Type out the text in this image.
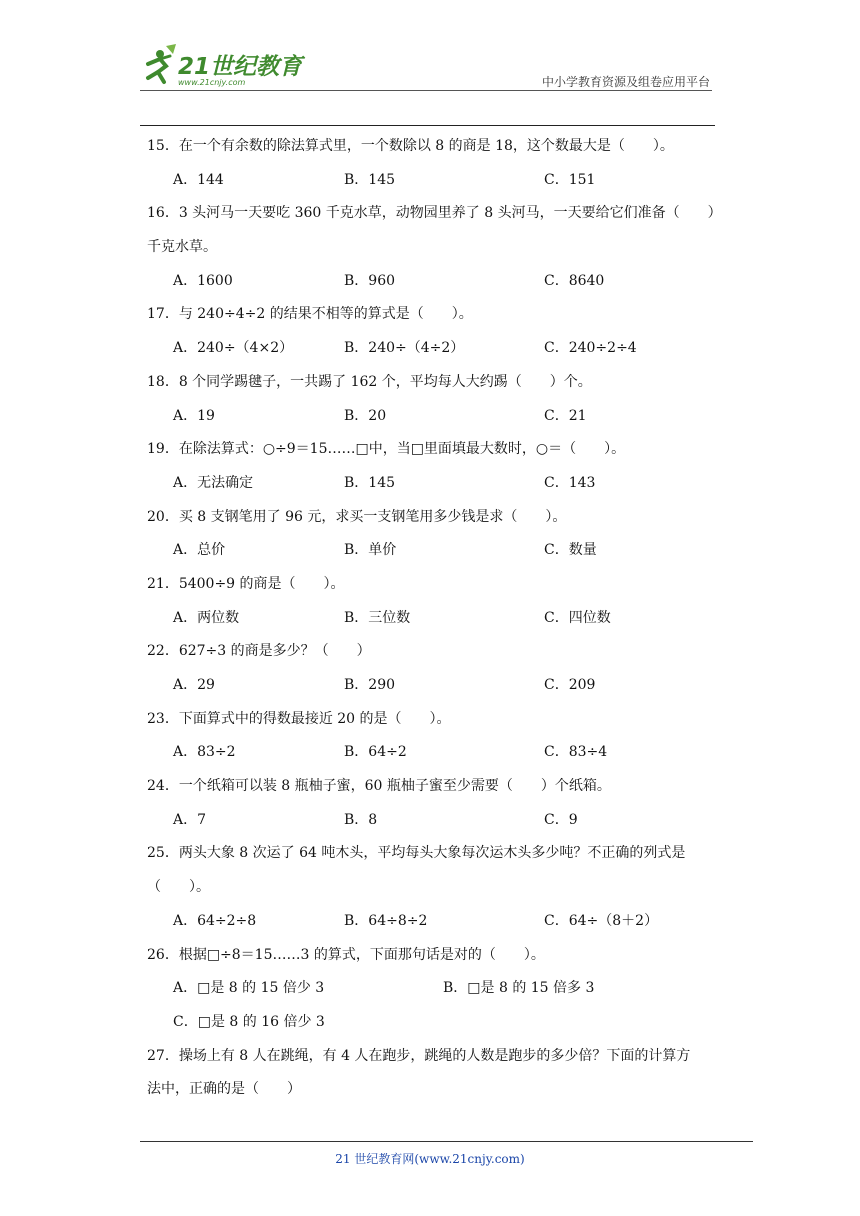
21世纪教育
www.21cnjy.com	中小学教育资源及组卷应用平台
15．在一个有余数的除法算式里，一个数除以 8 的商是 18，这个数最大是（　　）。
A．144	B．145	C．151
16．3 头河马一天要吃 360 千克水草，动物园里养了 8 头河马，一天要给它们准备（　　）
千克水草。
A．1600	B．960	C．8640
17．与 240÷4÷2 的结果不相等的算式是（　　）。
A．240÷（4×2）	B．240÷（4÷2）	C．240÷2÷4
18．8 个同学踢毽子，一共踢了 162 个，平均每人大约踢（　　）个。
A．19	B．20	C．21
19．在除法算式：○÷9＝15……□中，当□里面填最大数时，○＝（　　）。
A．无法确定	B．145	C．143
20．买 8 支钢笔用了 96 元，求买一支钢笔用多少钱是求（　　）。
A．总价	B．单价	C．数量
21．5400÷9 的商是（　　）。
A．两位数	B．三位数	C．四位数
22．627÷3 的商是多少？（　　）
A．29	B．290	C．209
23．下面算式中的得数最接近 20 的是（　　）。
A．83÷2	B．64÷2	C．83÷4
24．一个纸箱可以装 8 瓶柚子蜜，60 瓶柚子蜜至少需要（　　）个纸箱。
A．7	B．8	C．9
25．两头大象 8 次运了 64 吨木头，平均每头大象每次运木头多少吨？不正确的列式是
（　　）。
A．64÷2÷8	B．64÷8÷2	C．64÷（8＋2）
26．根据□÷8＝15……3 的算式，下面那句话是对的（　　）。
A．□是 8 的 15 倍少 3	B．□是 8 的 15 倍多 3
C．□是 8 的 16 倍少 3
27．操场上有 8 人在跳绳，有 4 人在跑步，跳绳的人数是跑步的多少倍？下面的计算方
法中，正确的是（　　）
21 世纪教育网(www.21cnjy.com)
